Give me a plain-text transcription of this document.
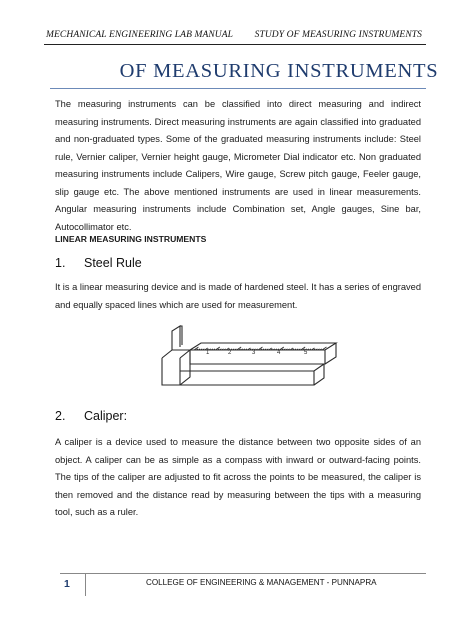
MECHANICAL ENGINEERING LAB MANUAL STUDY OF MEASURING INSTRUMENTS
OF MEASURING INSTRUMENTS

The measuring instruments can be classified into direct measuring and indirect measuring instruments. Direct measuring instruments are again classified into graduated and non-graduated types. Some of the graduated measuring instruments include: Steel rule, Vernier caliper, Vernier height gauge, Micrometer Dial indicator etc. Non graduated measuring instruments include Calipers, Wire gauge, Screw pitch gauge, Feeler gauge, slip gauge etc. The above mentioned instruments are used in linear measurements. Angular measuring instruments include Combination set, Angle gauges, Sine bar, Autocollimator etc.

LINEAR MEASURING INSTRUMENTS

1. Steel Rule

It is a linear measuring device and is made of hardened steel. It has a series of engraved and equally spaced lines which are used for measurement.

1	2	3	4	5

2. Caliper:

A caliper is a device used to measure the distance between two opposite sides of an object. A caliper can be as simple as a compass with inward or outward-facing points. The tips of the caliper are adjusted to fit across the points to be measured, the caliper is then removed and the distance read by measuring between the tips with a measuring tool, such as a ruler.

1	COLLEGE OF ENGINEERING & MANAGEMENT - PUNNAPRA
